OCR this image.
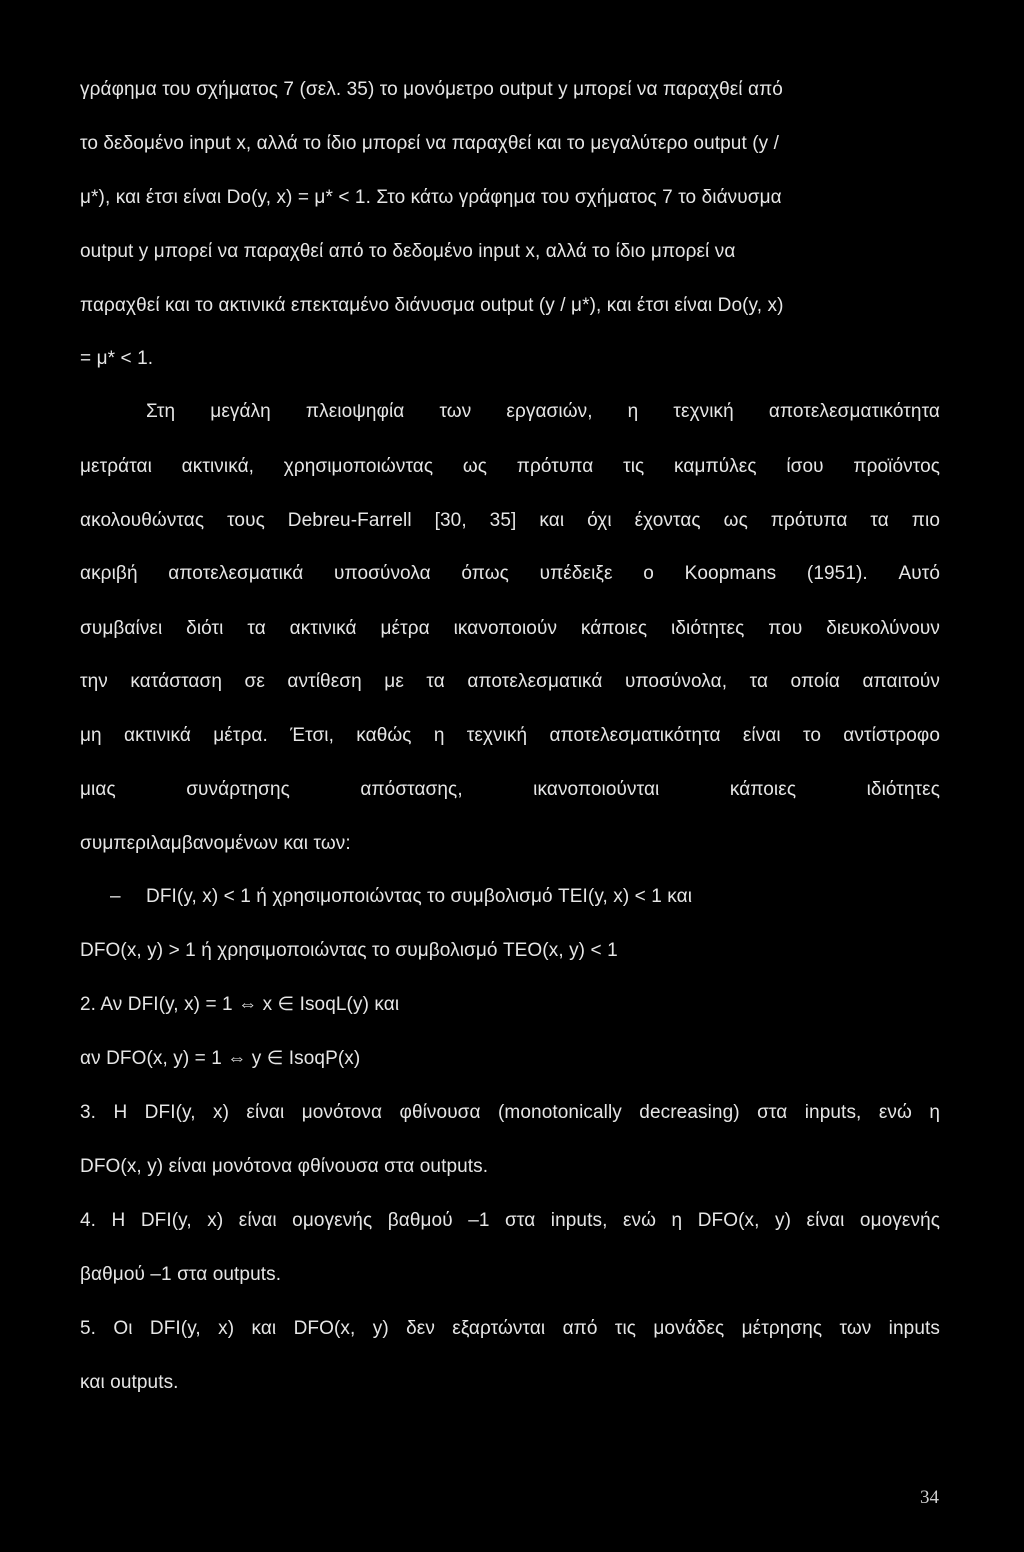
γράφημα του σχήματος 7 (σελ. 35) το μονόμετρο output y μπορεί να παραχθεί από
το δεδομένο input x, αλλά το ίδιο μπορεί να παραχθεί και το μεγαλύτερο output (y /
μ*), και έτσι είναι Do(y, x) = μ* < 1. Στο κάτω γράφημα του σχήματος 7 το διάνυσμα
output y μπορεί να παραχθεί από το δεδομένο input x, αλλά το ίδιο μπορεί να
παραχθεί και το ακτινικά επεκταμένο διάνυσμα output (y / μ*), και έτσι είναι Do(y, x)
= μ* < 1.
Στη μεγάλη πλειοψηφία των εργασιών, η τεχνική αποτελεσματικότητα
μετράται ακτινικά, χρησιμοποιώντας ως πρότυπα τις καμπύλες ίσου προϊόντος
ακολουθώντας τους Debreu-Farrell [30, 35] και όχι έχοντας ως πρότυπα τα πιο
ακριβή αποτελεσματικά υποσύνολα όπως υπέδειξε ο Koopmans (1951). Αυτό
συμβαίνει διότι τα ακτινικά μέτρα ικανοποιούν κάποιες ιδιότητες που διευκολύνουν
την κατάσταση σε αντίθεση με τα αποτελεσματικά υποσύνολα, τα οποία απαιτούν
μη ακτινικά μέτρα. Έτσι, καθώς η τεχνική αποτελεσματικότητα είναι το αντίστροφο
μιας συνάρτησης απόστασης, ικανοποιούνται κάποιες ιδιότητες
συμπεριλαμβανομένων και των:
–	DFI(y, x) < 1 ή χρησιμοποιώντας το συμβολισμό TEI(y, x) < 1 και
DFO(x, y) > 1 ή χρησιμοποιώντας το συμβολισμό TEO(x, y) < 1
2. Αν DFI(y, x) = 1 ⇔ x ∈ IsoqL(y) και
αν DFO(x, y) = 1 ⇔ y ∈ IsoqP(x)
3. Η DFI(y, x) είναι μονότονα φθίνουσα (monotonically decreasing) στα inputs, ενώ η
DFO(x, y) είναι μονότονα φθίνουσα στα outputs.
4. Η DFI(y, x) είναι ομογενής βαθμού –1 στα inputs, ενώ η DFO(x, y) είναι ομογενής
βαθμού –1 στα outputs.
5. Οι DFI(y, x) και DFO(x, y) δεν εξαρτώνται από τις μονάδες μέτρησης των inputs
και outputs.
34
